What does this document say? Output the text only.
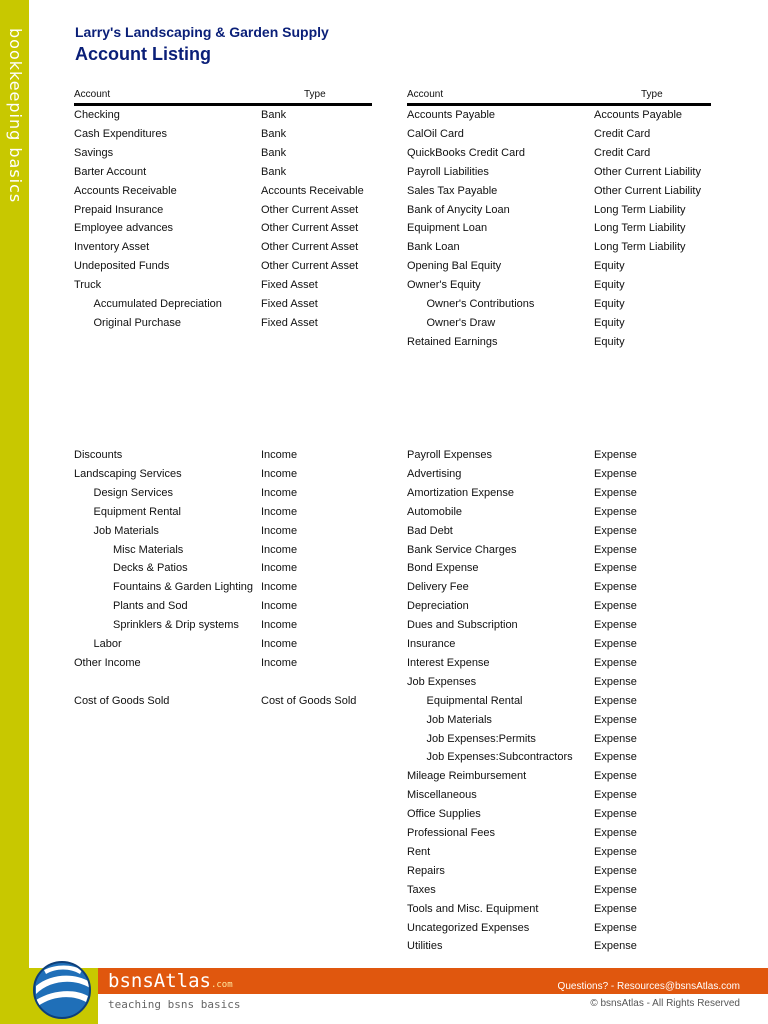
bookkeeping basics	Larry's Landscaping & Garden Supply
Account Listing
Account	Type	Account	Type
Checking	Bank
Cash Expenditures	Bank
Savings	Bank
Barter Account	Bank
Accounts Receivable	Accounts Receivable
Prepaid Insurance	Other Current Asset
Employee advances	Other Current Asset
Inventory Asset	Other Current Asset
Undeposited Funds	Other Current Asset
Truck	Fixed Asset
Accumulated Depreciation	Fixed Asset
Original Purchase	Fixed Asset
Accounts Payable	Accounts Payable
CalOil Card	Credit Card
QuickBooks Credit Card	Credit Card
Payroll Liabilities	Other Current Liability
Sales Tax Payable	Other Current Liability
Bank of Anycity Loan	Long Term Liability
Equipment Loan	Long Term Liability
Bank Loan	Long Term Liability
Opening Bal Equity	Equity
Owner's Equity	Equity
Owner's Contributions	Equity
Owner's Draw	Equity
Retained Earnings	Equity
Discounts	Income
Landscaping Services	Income
Design Services	Income
Equipment Rental	Income
Job Materials	Income
Misc Materials	Income
Decks & Patios	Income
Fountains & Garden Lighting Income
Plants and Sod	Income
Sprinklers & Drip systems Income
Labor	Income
Other Income	Income
Cost of Goods Sold	Cost of Goods Sold
Payroll Expenses	Expense
Advertising	Expense
Amortization Expense	Expense
Automobile	Expense
Bad Debt	Expense
Bank Service Charges	Expense
Bond Expense	Expense
Delivery Fee	Expense
Depreciation	Expense
Dues and Subscription	Expense
Insurance	Expense
Interest Expense	Expense
Job Expenses	Expense
Equipmental Rental	Expense
Job Materials	Expense
Job Expenses:Permits	Expense
Job Expenses:Subcontractors Expense
Mileage Reimbursement	Expense
Miscellaneous	Expense
Office Supplies	Expense
Professional Fees	Expense
Rent	Expense
Repairs	Expense
Taxes	Expense
Tools and Misc. Equipment	Expense
Uncategorized Expenses	Expense
Utilities	Expense
bsnsAtlas.com
teaching bsns basics
Questions? - Resources@bsnsAtlas.com
© bsnsAtlas - All Rights Reserved
